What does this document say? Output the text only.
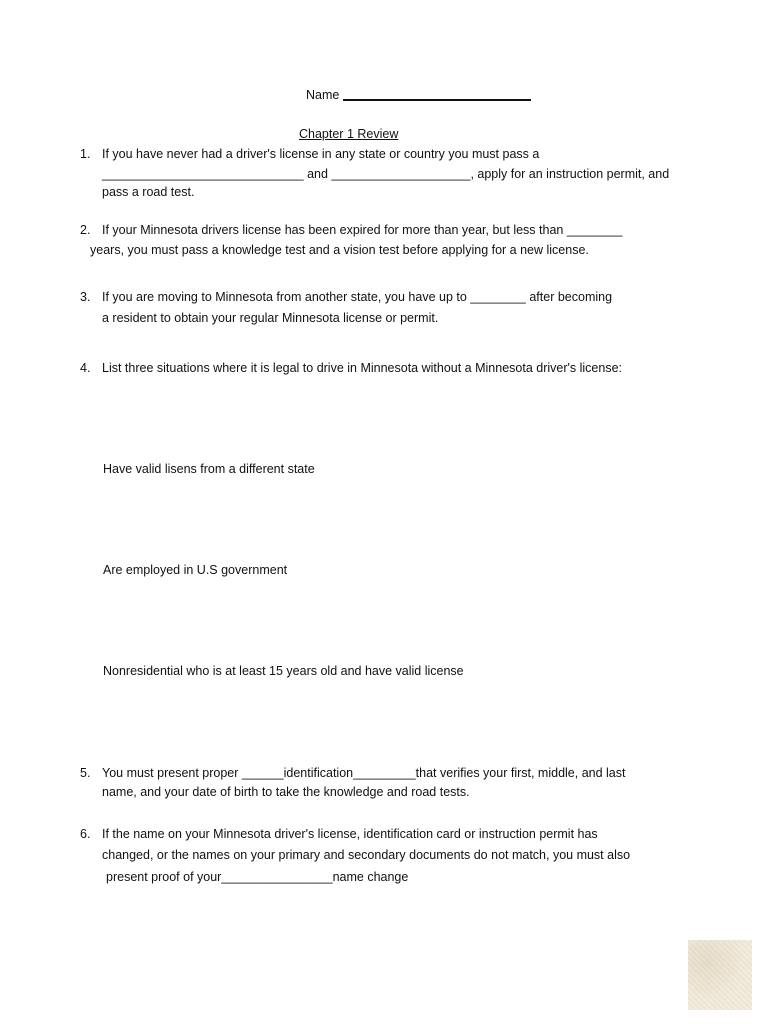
Name
Chapter 1 Review
1. If you have never had a driver's license in any state or country you must pass a
_____________________________ and ____________________, apply for an instruction permit, and
pass a road test.
2. If your Minnesota drivers license has been expired for more than year, but less than ________
years, you must pass a knowledge test and a vision test before applying for a new license.
3. If you are moving to Minnesota from another state, you have up to ________ after becoming
a resident to obtain your regular Minnesota license or permit.
4. List three situations where it is legal to drive in Minnesota without a Minnesota driver's license:
Have valid lisens from a different state
Are employed in U.S government
Nonresidential who is at least 15 years old and have valid license
5. You must present proper ______identification_________that verifies your first, middle, and last
name, and your date of birth to take the knowledge and road tests.
6. If the name on your Minnesota driver's license, identification card or instruction permit has
changed, or the names on your primary and secondary documents do not match, you must also
present proof of your________________name change
